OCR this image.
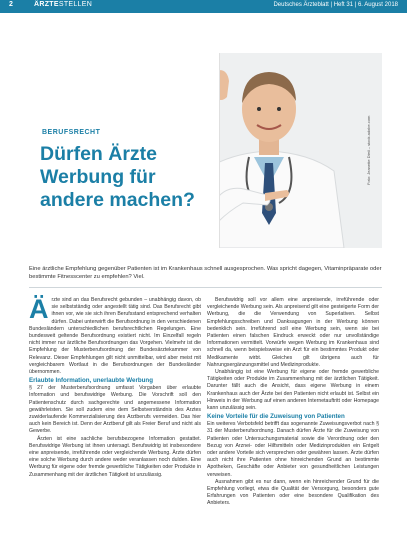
2	ÄRZTESTELLEN	Deutsches Ärzteblatt | Heft 31 | 6. August 2018
BERUFSRECHT
Dürfen Ärzte Werbung für andere machen?
Foto: Jeanette Dietl – stock.adobe.com
Eine ärztliche Empfehlung gegenüber Patienten ist im Krankenhaus schnell ausgesprochen. Was spricht dagegen, Vitaminpräparate oder bestimmte Fitnesscenter zu empfehlen? Viel.

Ärzte sind an das Berufsrecht gebunden – unabhängig davon, ob sie selbstständig oder angestellt tätig sind. Das Berufsrecht gibt ihnen vor, wie sie sich ihren Berufsstand entsprechend verhalten dürfen. Dabei unterwirft die Berufsordnung in den verschiedenen Bundesländern unterschiedlichen berufsrechtlichen Regelungen. Eine bundesweit geltende Berufsordnung existiert nicht. Im Einzelfall regeln nicht immer nur ärztliche Berufsordnungen das Vorgehen. Vielmehr ist die Empfehlung der Musterberufsordnung der Bundesärztekammer von Relevanz. Dieser Empfehlungen gilt nicht unmittelbar, wird aber meist mit vergleichbarem Wortlaut in die Berufsordnungen der Bundesländer übernommen.

Erlaubte Information, unerlaubte Werbung

§ 27 der Musterberufsordnung umfasst Vorgaben über erlaubte Information und berufswidrige Werbung. Die Vorschrift soll den Patientenschutz durch sachgerechte und angemessene Information gewährleisten. Sie soll zudem eine dem Selbstverständnis des Arztes zuwiderlaufende Kommerzialisierung des Arztberufs vermeiden. Das hier auch kein Bereich ist. Denn der Arztberuf gilt als Freier Beruf und nicht als Gewerbe.

Ärzten ist eine sachliche berufsbezogene Information gestattet. Berufswidrige Werbung ist ihnen untersagt. Berufswidrig ist insbesondere eine anpreisende, irreführende oder vergleichende Werbung. Ärzte dürfen eine solche Werbung durch andere weder veranlassen noch dulden. Eine Werbung für eigene oder fremde gewerbliche Tätigkeiten oder Produkte in Zusammenhang mit der ärztlichen Tätigkeit ist unzulässig.

Berufswidrig soll vor allem eine anpreisende, irreführende oder vergleichende Werbung sein. Als anpreisend gilt eine gesteigerte Form der Werbung, die die Verwendung von Superlativen. Selbst Empfehlungsschreiben und Danksagungen in der Werbung können bedenklich sein. Irreführend soll eine Werbung sein, wenn sie bei Patienten einen falschen Eindruck erweckt oder nur unvollständige Informationen vermittelt. Vorwürfe wegen Werbung im Krankenhaus sind schnell da, wenn beispielsweise ein Arzt für ein bestimmtes Produkt oder Medikamente wirbt. Gleiches gilt übrigens auch für Nahrungsergänzungsmittel und Medizinprodukte.

Unabhängig ist eine Werbung für eigene oder fremde gewerbliche Tätigkeiten oder Produkte im Zusammenhang mit der ärztlichen Tätigkeit. Darunter fällt auch die Ansicht, dass eigene Werbung in einem Krankenhaus auch der Ärzte bei den Patienten nicht erlaubt ist. Selbst ein Hinweis in der Werbung auf einen anderen Internetauftritt oder Homepage kann unzulässig sein.

Keine Vorteile für die Zuweisung von Patienten

Ein weiteres Verbotsfeld betrifft das sogenannte Zuweisungsverbot nach § 31 der Musterberufsordnung. Danach dürfen Ärzte für die Zuweisung von Patienten oder Untersuchungsmaterial sowie die Verordnung oder den Bezug von Arznei- oder Hilfsmitteln oder Medizinprodukten ein Entgelt oder andere Vorteile sich versprechen oder gewähren lassen. Ärzte dürfen auch nicht ihre Patienten ohne hinreichenden Grund an bestimmte Apotheken, Geschäfte oder Anbieter von gesundheitlichen Leistungen verweisen.

Ausnahmen gibt es nur dann, wenn ein hinreichender Grund für die Empfehlung vorliegt, etwa die Qualität der Versorgung, besonders gute Erfahrungen von Patienten oder eine besondere Qualifikation des Anbieters.
